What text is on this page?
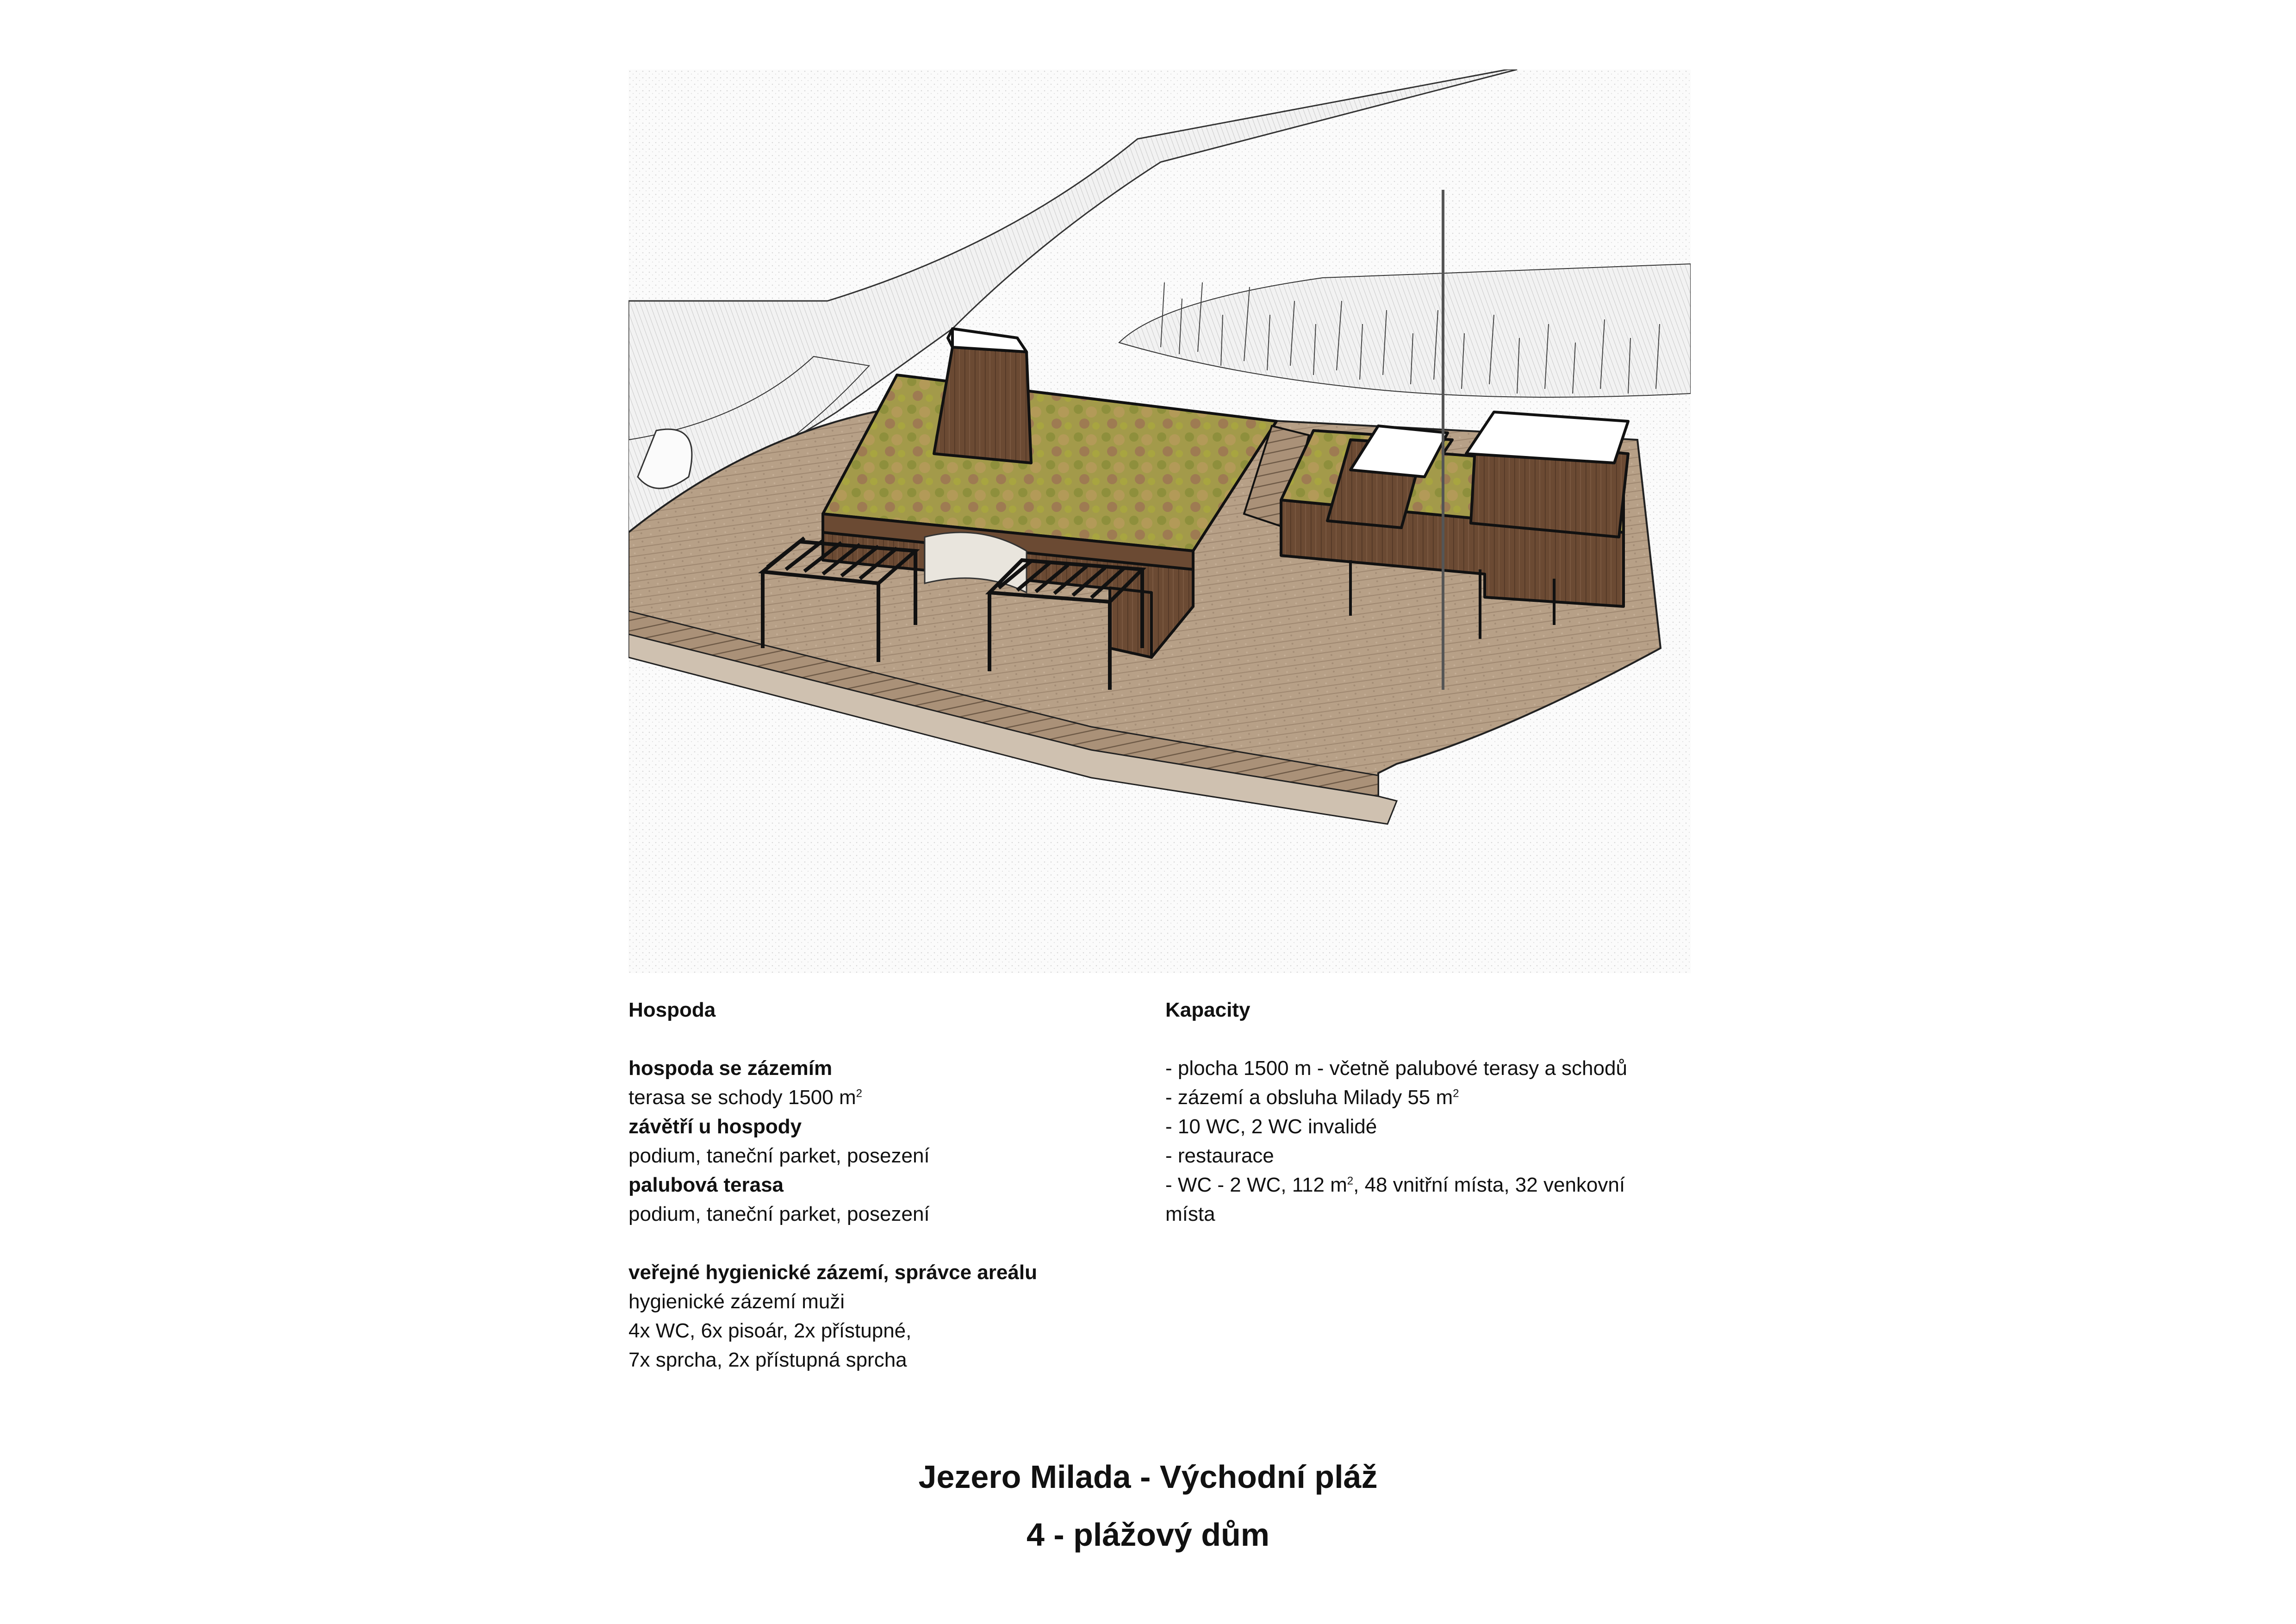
Hospoda

hospoda se zázemím

terasa se schody 1500 $m^2$

závětří u hospody

podium, taneční parket, posezení

palubová terasa

podium, taneční parket, posezení

veřejné hygienické zázemí, správce areálu

hygienické zázemí muži

4x WC, 6x pisoár, 2x přístupné,

7x sprcha, 2x přístupná sprcha

Kapacity

- plocha 1500 m - včetně palubové terasy a schodů

- zázemí a obsluha Milady 55 $m^2$

- 10 WC, 2 WC invalidé

- restaurace

- WC - 2 WC, 112 $m^2$, 48 vnitřní místa, 32 venkovní

místa

Jezero Milada - Východní pláž
4 - plážový dům
